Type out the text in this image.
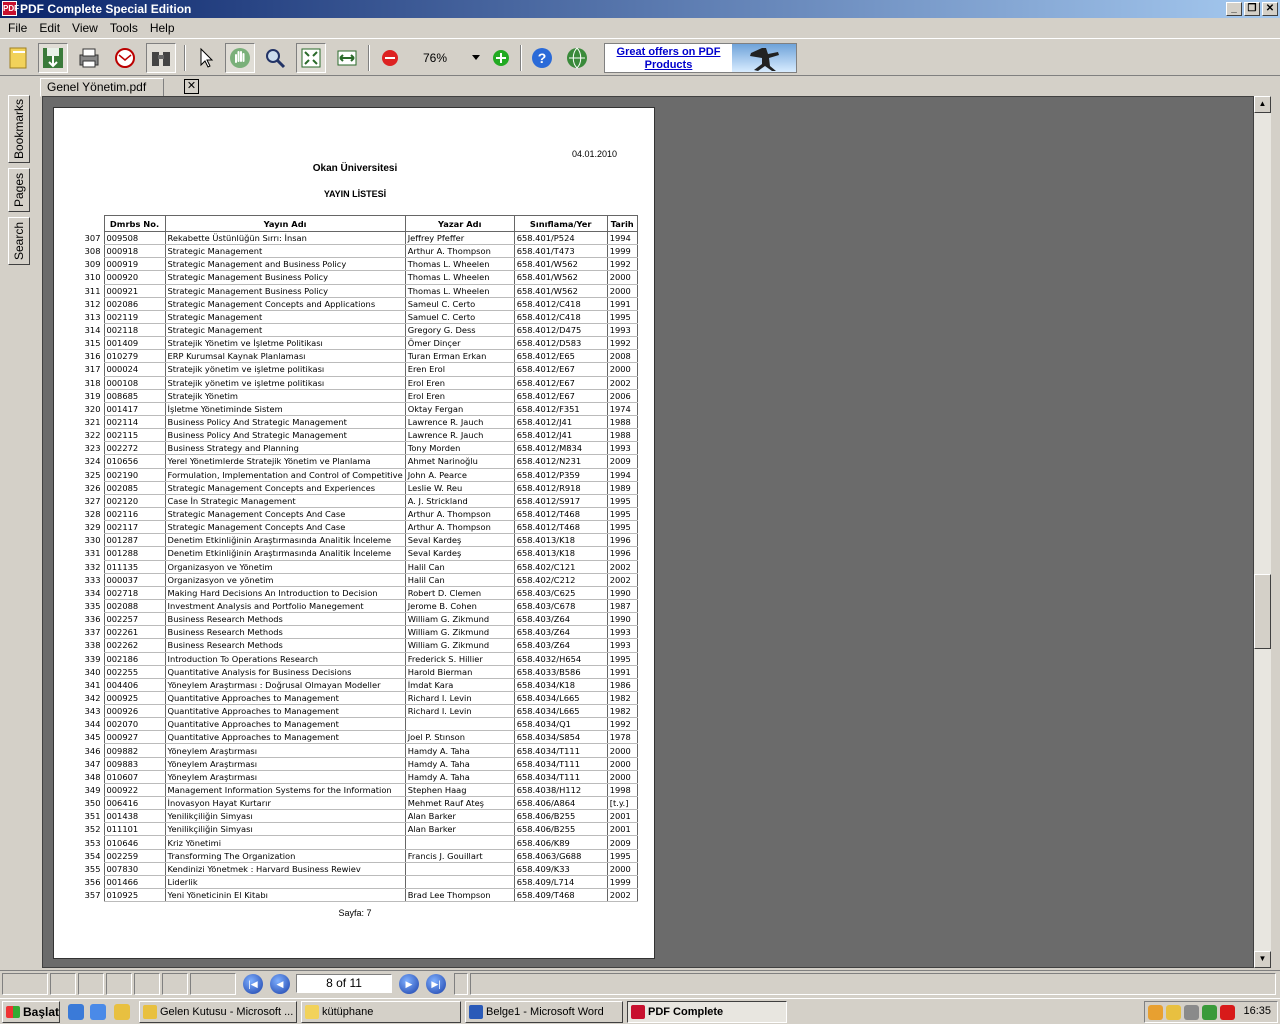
PDF PDF Complete Special Edition	_	❐ ✕
File	Edit	View	Tools	Help
76%	?	Great offers on PDF Products
Genel Yönetim.pdf	✕
Bookmarks
Pages
Search
04.01.2010
Okan Üniversitesi
YAYIN LİSTESİ
	Dmrbs No.	Yayın Adı	Yazar Adı	Sınıflama/Yer	Tarih
307	009508	Rekabette Üstünlüğün Sırrı: İnsan	Jeffrey Pfeffer	658.401/P524	1994
308	000918	Strategic Management	Arthur A. Thompson	658.401/T473	1999
309	000919	Strategic Management and Business Policy	Thomas L. Wheelen	658.401/W562	1992
310	000920	Strategic Management Business Policy	Thomas L. Wheelen	658.401/W562	2000
311	000921	Strategic Management Business Policy	Thomas L. Wheelen	658.401/W562	2000
312	002086	Strategic Management Concepts and Applications	Sameul C. Certo	658.4012/C418	1991
313	002119	Strategic Management	Samuel C. Certo	658.4012/C418	1995
314	002118	Strategic Management	Gregory G. Dess	658.4012/D475	1993
315	001409	Stratejik Yönetim ve İşletme Politikası	Ömer Dinçer	658.4012/D583	1992
316	010279	ERP Kurumsal Kaynak Planlaması	Turan Erman Erkan	658.4012/E65	2008
317	000024	Stratejik yönetim ve işletme politikası	Eren Erol	658.4012/E67	2000
318	000108	Stratejik yönetim ve işletme politikası	Erol Eren	658.4012/E67	2002
319	008685	Stratejik Yönetim	Erol Eren	658.4012/E67	2006
320	001417	İşletme Yönetiminde Sistem	Oktay Fergan	658.4012/F351	1974
321	002114	Business Policy And Strategic Management	Lawrence R. Jauch	658.4012/J41	1988
322	002115	Business Policy And Strategic Management	Lawrence R. Jauch	658.4012/J41	1988
323	002272	Business Strategy and Planning	Tony Morden	658.4012/M834	1993
324	010656	Yerel Yönetimlerde Stratejik Yönetim ve Planlama	Ahmet Narinoğlu	658.4012/N231	2009
325	002190	Formulation, Implementation and Control of Competitive	John A. Pearce	658.4012/P359	1994
326	002085	Strategic Management Concepts and Experiences	Leslie W. Reu	658.4012/R918	1989
327	002120	Case İn Strategic Management	A. J. Strickland	658.4012/S917	1995
328	002116	Strategic Management Concepts And Case	Arthur A. Thompson	658.4012/T468	1995
329	002117	Strategic Management Concepts And Case	Arthur A. Thompson	658.4012/T468	1995
330	001287	Denetim Etkinliğinin Araştırmasında Analitik İnceleme	Seval Kardeş	658.4013/K18	1996
331	001288	Denetim Etkinliğinin Araştırmasında Analitik İnceleme	Seval Kardeş	658.4013/K18	1996
332	011135	Organizasyon ve Yönetim	Halil Can	658.402/C121	2002
333	000037	Organizasyon ve yönetim	Halil Can	658.402/C212	2002
334	002718	Making Hard Decisions An Introduction to Decision	Robert D. Clemen	658.403/C625	1990
335	002088	Investment Analysis and Portfolio Manegement	Jerome B. Cohen	658.403/C678	1987
336	002257	Business Research Methods	William G. Zikmund	658.403/Z64	1990
337	002261	Business Research Methods	William G. Zikmund	658.403/Z64	1993
338	002262	Business Research Methods	William G. Zikmund	658.403/Z64	1993
339	002186	Introduction To Operations Research	Frederick S. Hillier	658.4032/H654	1995
340	002255	Quantitative Analysis for Business Decisions	Harold Bierman	658.4033/B586	1991
341	004406	Yöneylem Araştırması : Doğrusal Olmayan Modeller	İmdat Kara	658.4034/K18	1986
342	000925	Quantitative Approaches to Management	Richard I. Levin	658.4034/L665	1982
343	000926	Quantitative Approaches to Management	Richard I. Levin	658.4034/L665	1982
344	002070	Quantitative Approaches to Management		658.4034/Q1	1992
345	000927	Quantitative Approaches to Management	Joel P. Stınson	658.4034/S854	1978
346	009882	Yöneylem Araştırması	Hamdy A. Taha	658.4034/T111	2000
347	009883	Yöneylem Araştırması	Hamdy A. Taha	658.4034/T111	2000
348	010607	Yöneylem Araştırması	Hamdy A. Taha	658.4034/T111	2000
349	000922	Management Information Systems for the Information	Stephen Haag	658.4038/H112	1998
350	006416	İnovasyon Hayat Kurtarır	Mehmet Rauf Ateş	658.406/A864	[t.y.]
351	001438	Yenilikçiliğin Simyası	Alan Barker	658.406/B255	2001
352	011101	Yenilikçiliğin Simyası	Alan Barker	658.406/B255	2001
353	010646	Kriz Yönetimi		658.406/K89	2009
354	002259	Transforming The Organization	Francis J. Gouillart	658.4063/G688	1995
355	007830	Kendinizi Yönetmek : Harvard Business Rewiev		658.409/K33	2000
356	001466	Liderlik		658.409/L714	1999
357	010925	Yeni Yöneticinin El Kitabı	Brad Lee Thompson	658.409/T468	2002
Sayfa: 7
▲
▼
|◀	◀	8 of 11	▶	▶|
Başlat	Gelen Kutusu - Microsoft ...	kütüphane	Belge1 - Microsoft Word	PDF Complete	16:35
